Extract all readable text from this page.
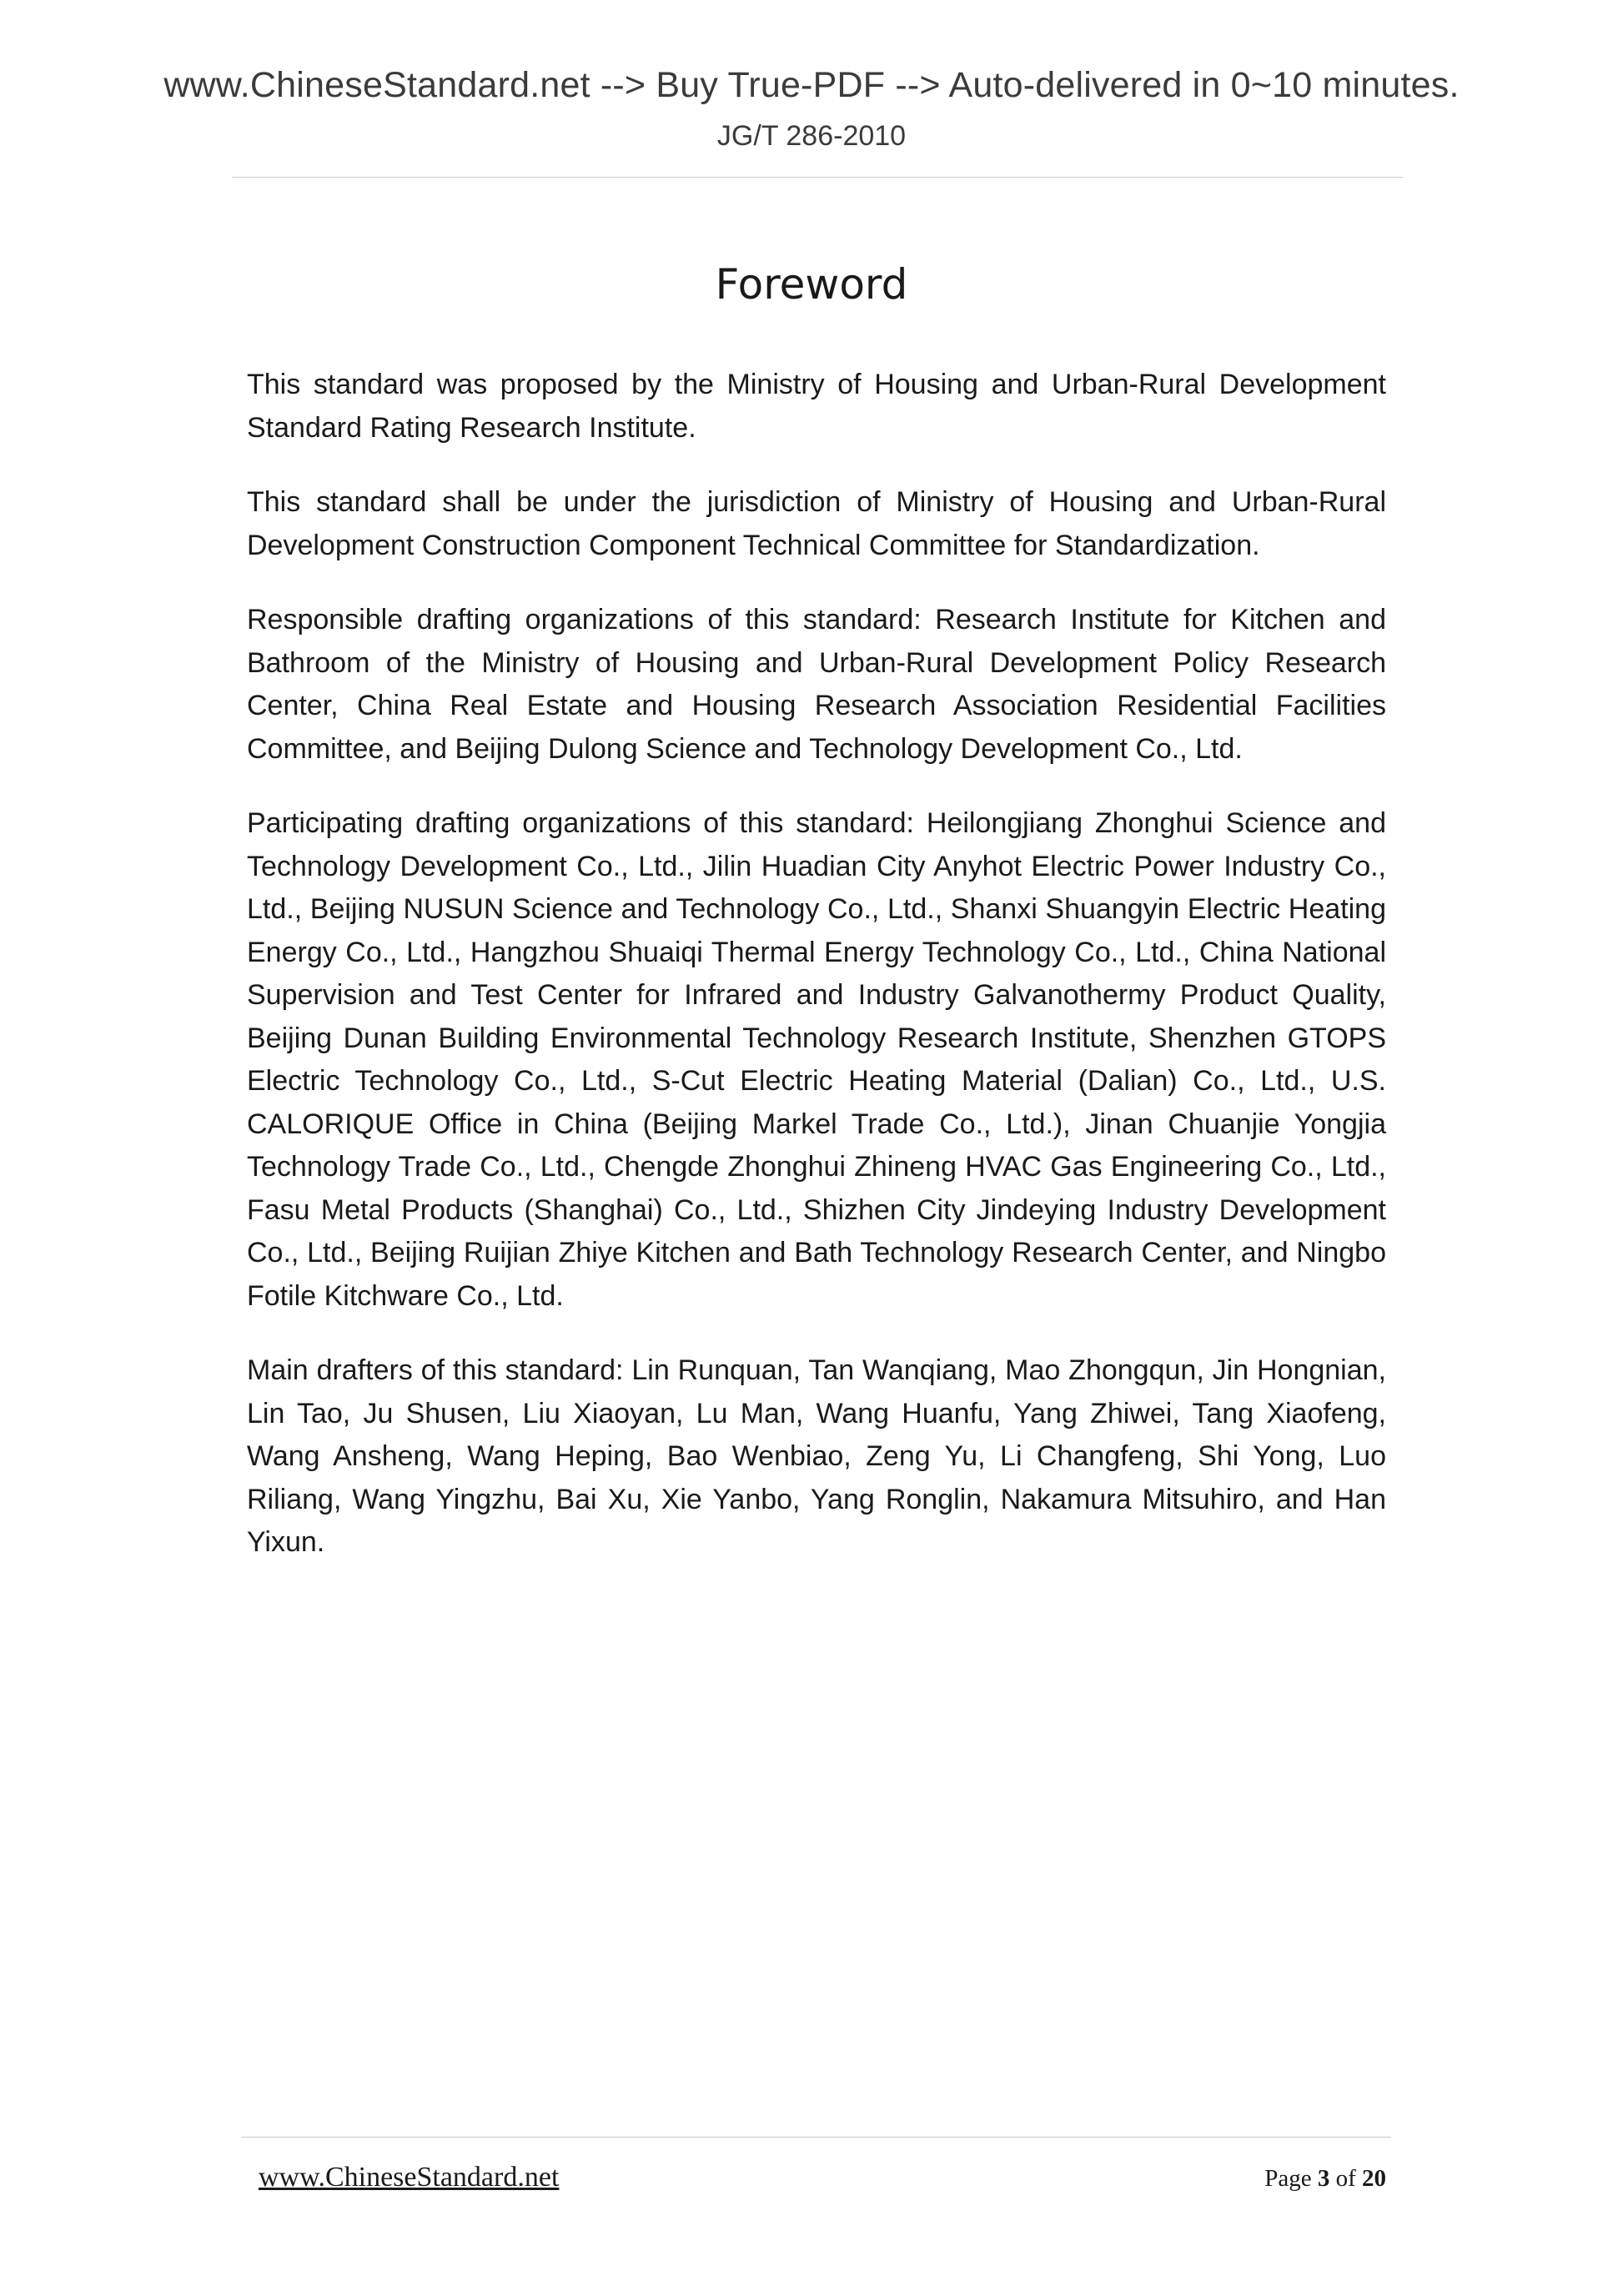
www.ChineseStandard.net --> Buy True-PDF --> Auto-delivered in 0~10 minutes.
JG/T 286-2010
Foreword

This standard was proposed by the Ministry of Housing and Urban-Rural Development Standard Rating Research Institute.

This standard shall be under the jurisdiction of Ministry of Housing and Urban-Rural Development Construction Component Technical Committee for Standardization.

Responsible drafting organizations of this standard: Research Institute for Kitchen and Bathroom of the Ministry of Housing and Urban-Rural Development Policy Research Center, China Real Estate and Housing Research Association Residential Facilities Committee, and Beijing Dulong Science and Technology Development Co., Ltd.

Participating drafting organizations of this standard: Heilongjiang Zhonghui Science and Technology Development Co., Ltd., Jilin Huadian City Anyhot Electric Power Industry Co., Ltd., Beijing NUSUN Science and Technology Co., Ltd., Shanxi Shuangyin Electric Heating Energy Co., Ltd., Hangzhou Shuaiqi Thermal Energy Technology Co., Ltd., China National Supervision and Test Center for Infrared and Industry Galvanothermy Product Quality, Beijing Dunan Building Environmental Technology Research Institute, Shenzhen GTOPS Electric Technology Co., Ltd., S-Cut Electric Heating Material (Dalian) Co., Ltd., U.S. CALORIQUE Office in China (Beijing Markel Trade Co., Ltd.), Jinan Chuanjie Yongjia Technology Trade Co., Ltd., Chengde Zhonghui Zhineng HVAC Gas Engineering Co., Ltd., Fasu Metal Products (Shanghai) Co., Ltd., Shizhen City Jindeying Industry Development Co., Ltd., Beijing Ruijian Zhiye Kitchen and Bath Technology Research Center, and Ningbo Fotile Kitchware Co., Ltd.

Main drafters of this standard: Lin Runquan, Tan Wanqiang, Mao Zhongqun, Jin Hongnian, Lin Tao, Ju Shusen, Liu Xiaoyan, Lu Man, Wang Huanfu, Yang Zhiwei, Tang Xiaofeng, Wang Ansheng, Wang Heping, Bao Wenbiao, Zeng Yu, Li Changfeng, Shi Yong, Luo Riliang, Wang Yingzhu, Bai Xu, Xie Yanbo, Yang Ronglin, Nakamura Mitsuhiro, and Han Yixun.

www.ChineseStandard.net	Page 3 of 20
